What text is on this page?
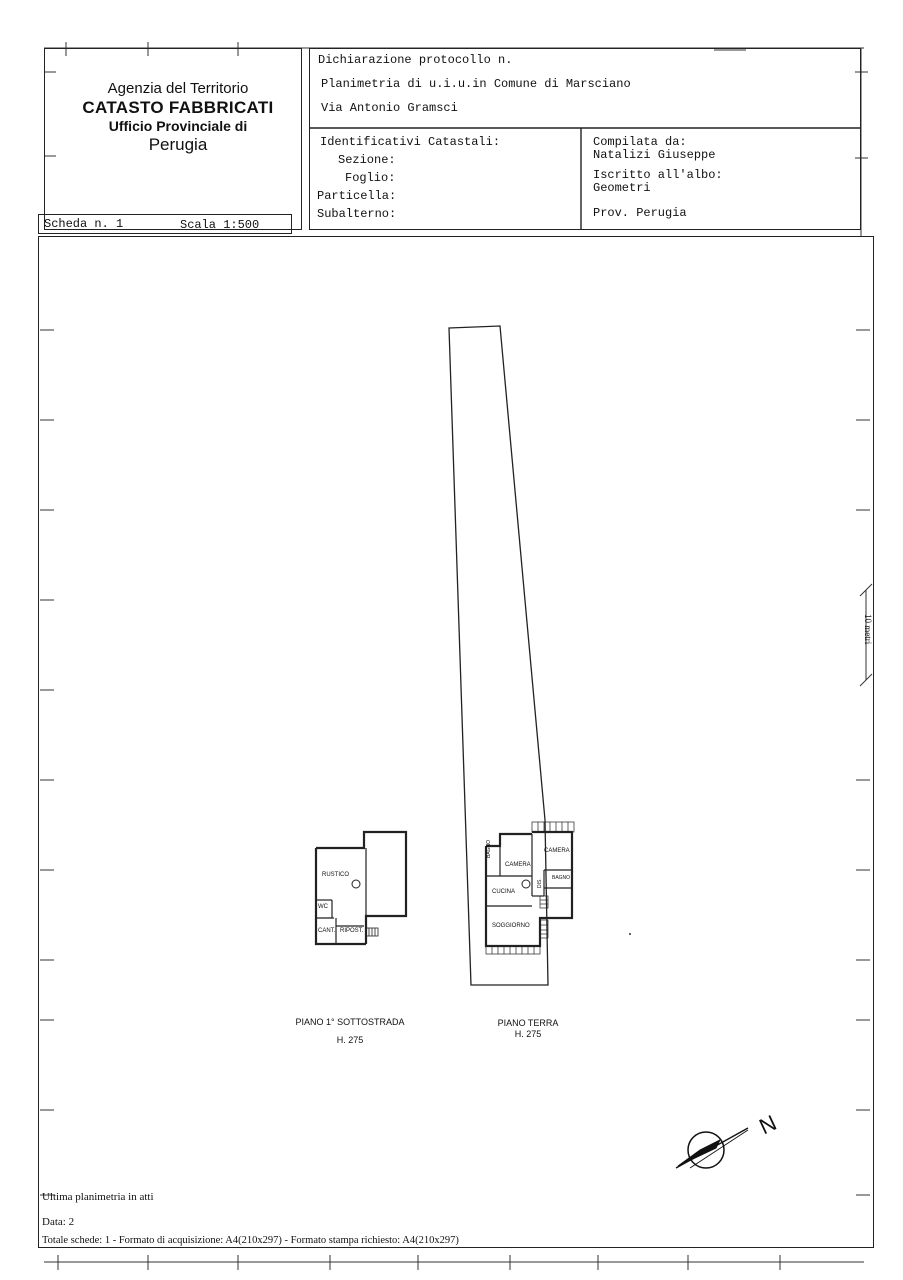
Agenzia del Territorio
CATASTO FABBRICATI
Ufficio Provinciale di
Perugia
Dichiarazione protocollo n.
Planimetria di u.i.u.in Comune di Marsciano
Via Antonio Gramsci
Identificativi Catastali:
Sezione:
Foglio:
Particella:
Subalterno:
Compilata da:
Natalizi Giuseppe
Iscritto all'albo:
Geometri
Prov. Perugia
Scheda n. 1	Scala 1:500
RUSTICO
WC
CANT. RIPOST.
BAGNO
CAMERA
CAMERA
BAGNO
CUCINA
DIS.
SOGGIORNO
PIANO 1° SOTTOSTRADA
H. 275
PIANO TERRA
H. 275
N
10 metri
Ultima planimetria in atti
Data: 2
Totale schede: 1 - Formato di acquisizione: A4(210x297) - Formato stampa richiesto: A4(210x297)
